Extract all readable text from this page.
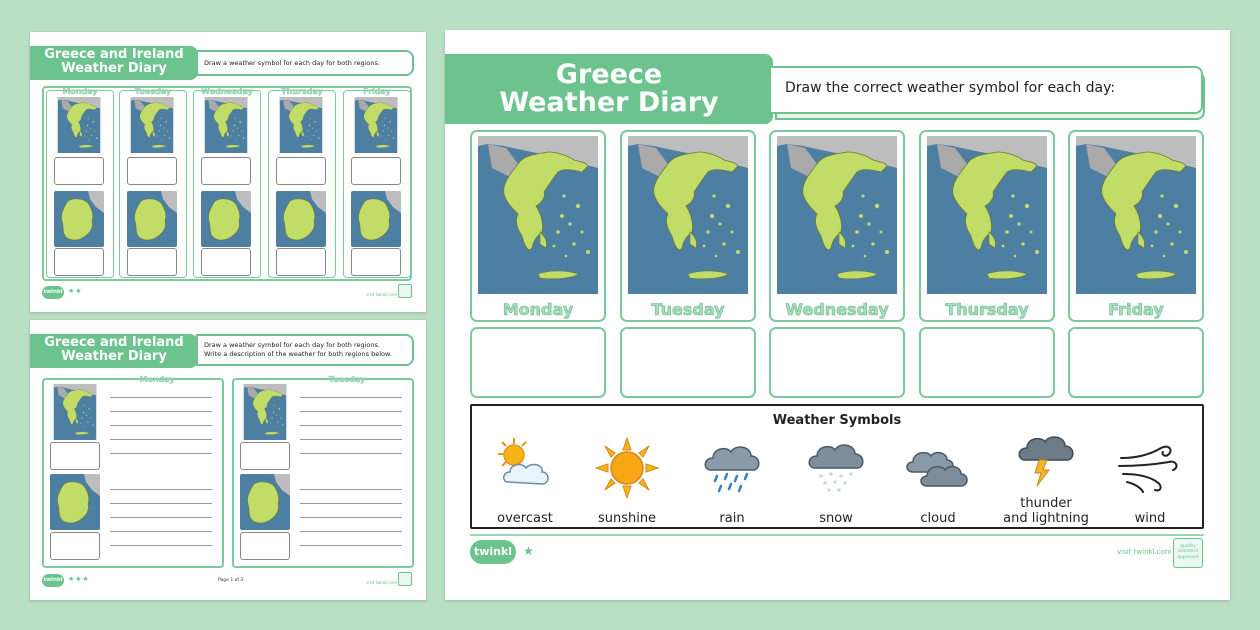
Greece and Ireland
Weather Diary	Draw a weather symbol for each day for both regions:
Monday	Tuesday	Wednesday	Thursday	Friday
twinkl ★★	visit twinkl.com
Greece and Ireland
Weather Diary
Draw a weather symbol for each day for both regions.
Write a description of the weather for both regions below.
Monday	Tuesday
twinkl ★★★	Page 1 of 3	visit twinkl.com
Greece
Weather Diary	Draw the correct weather symbol for each day:
Monday	Tuesday	Wednesday	Thursday	Friday
Weather Symbols
overcast	sunshine	rain	snow	cloud
thunder
and lightning	wind
twinkl ★	visit twinkl.com
quality standard approved
